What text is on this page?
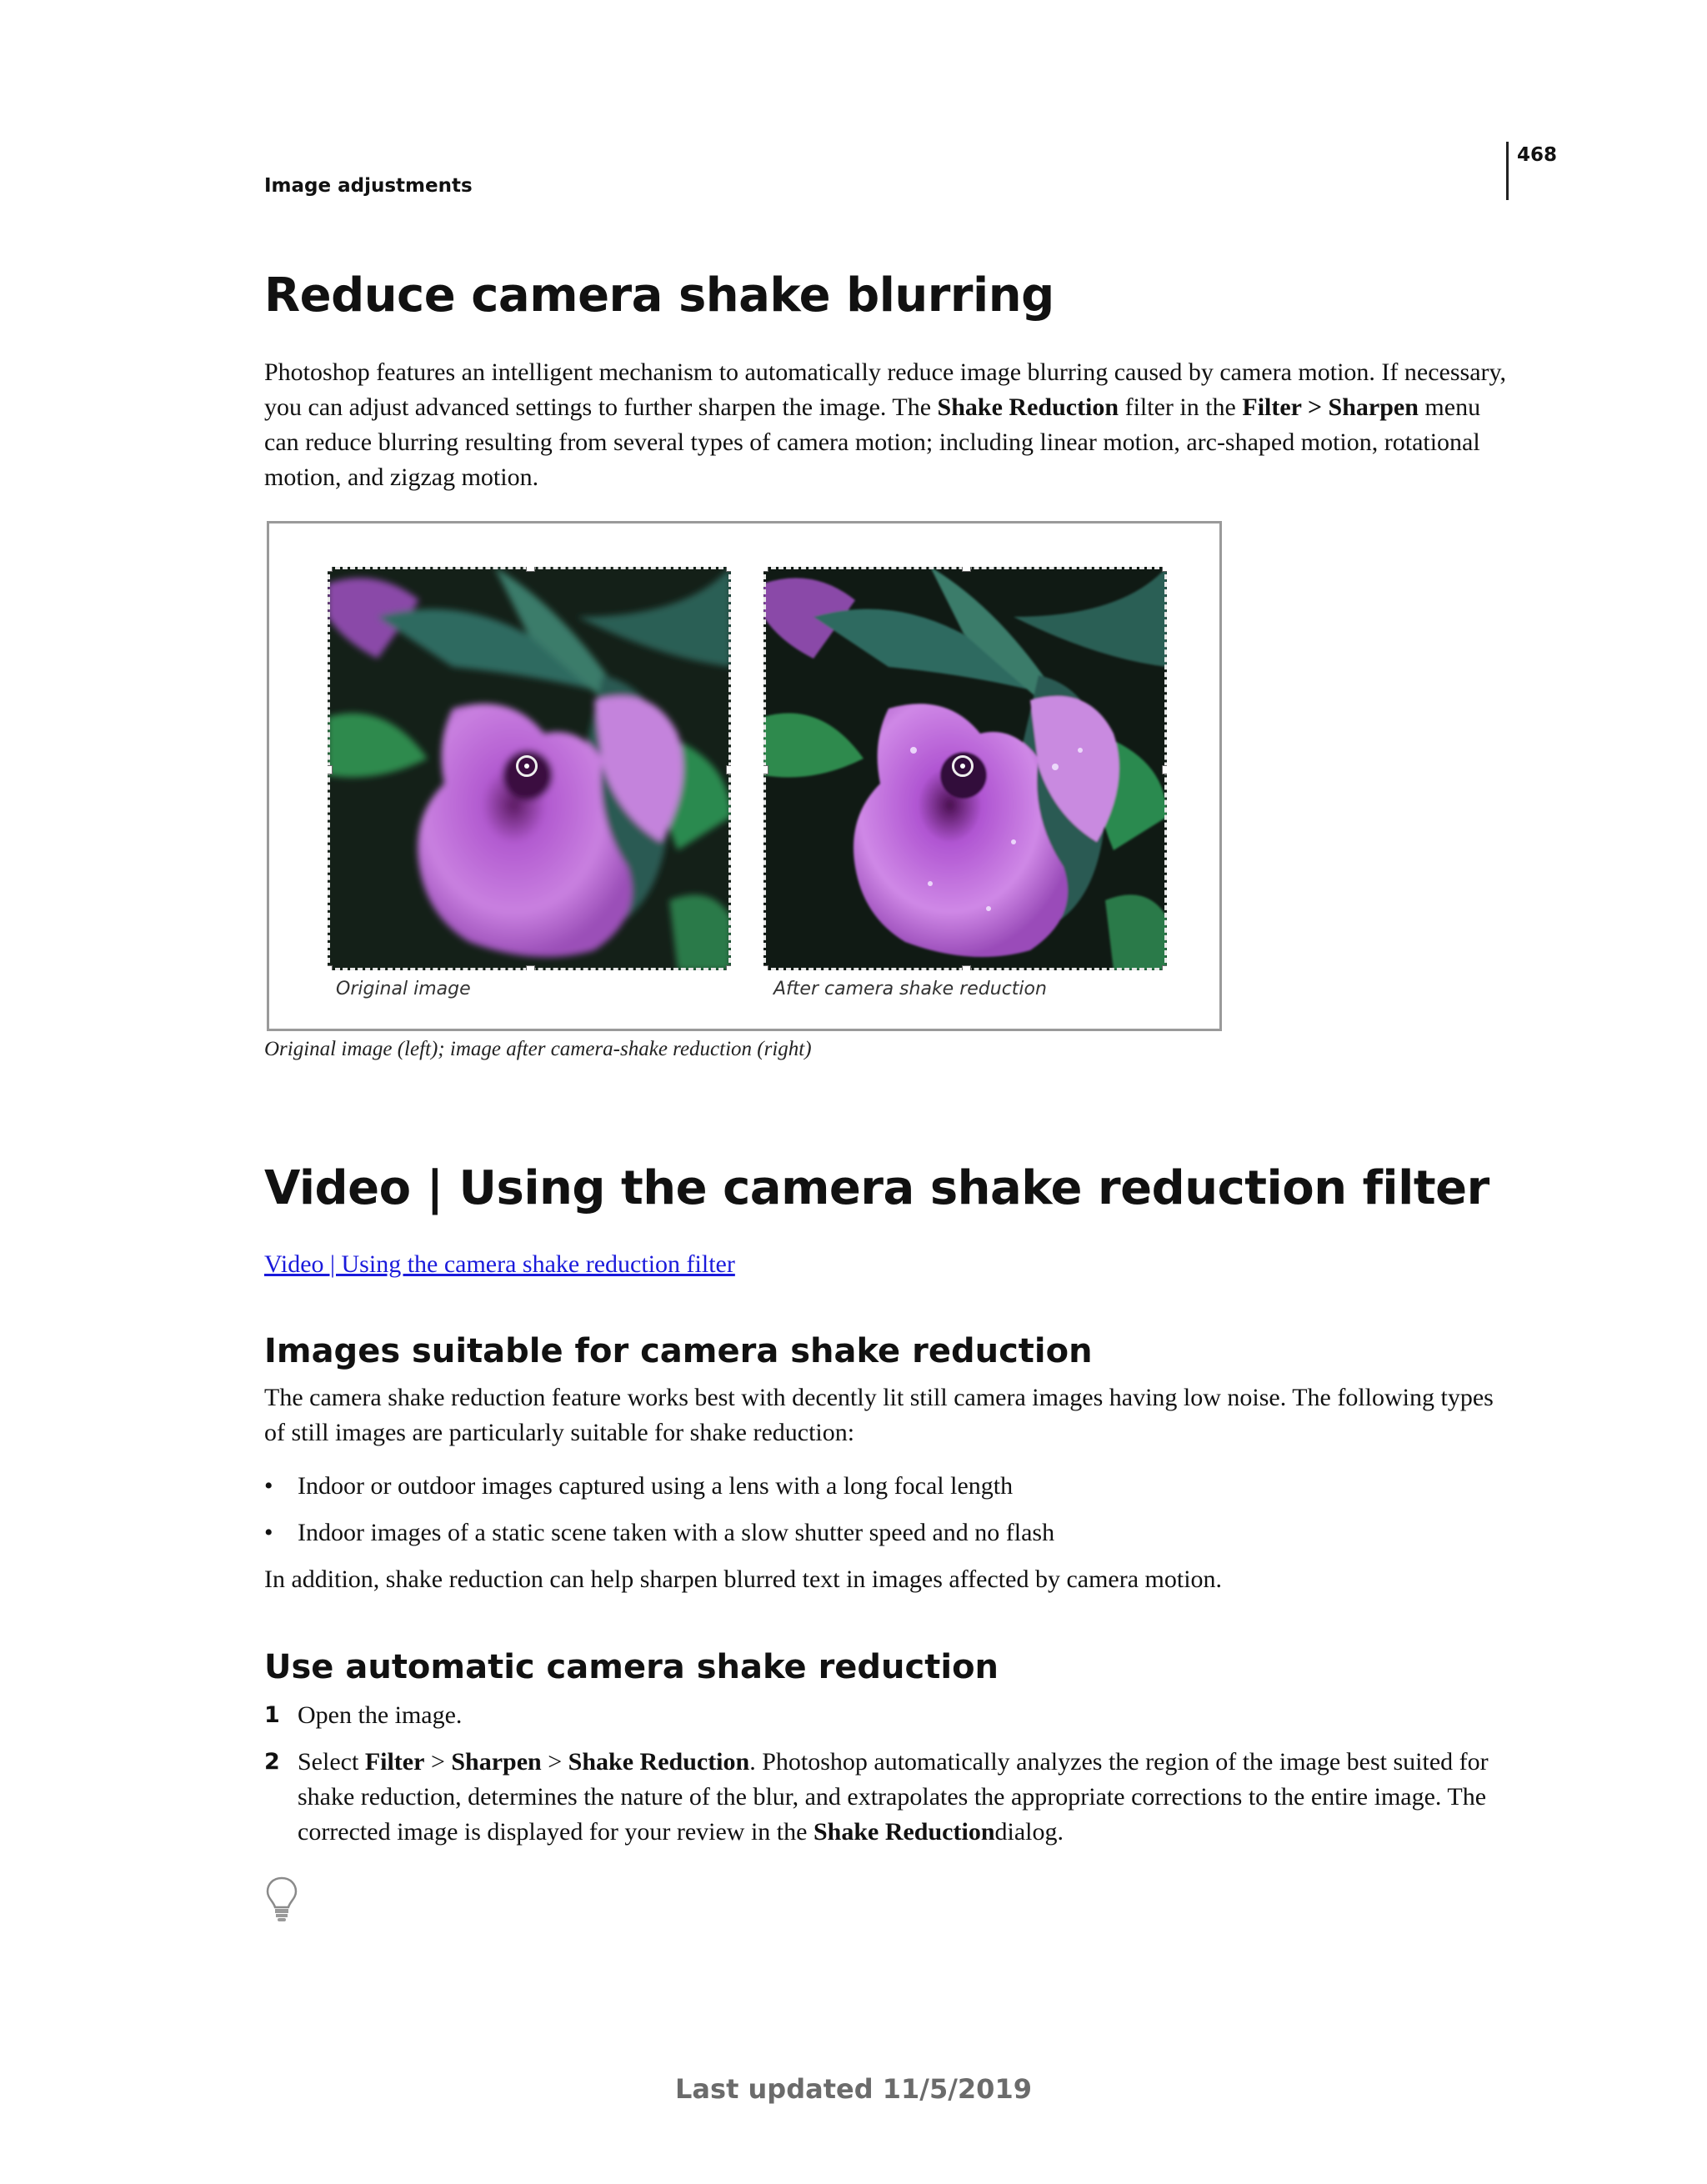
Image adjustments
468
Reduce camera shake blurring
Photoshop features an intelligent mechanism to automatically reduce image blurring caused by camera motion. If necessary, you can adjust advanced settings to further sharpen the image. The Shake Reduction filter in the Filter > Sharpen menu can reduce blurring resulting from several types of camera motion; including linear motion, arc-shaped motion, rotational motion, and zigzag motion.
Original image	After camera shake reduction
Original image (left); image after camera-shake reduction (right)
Video | Using the camera shake reduction filter
Video | Using the camera shake reduction filter
Images suitable for camera shake reduction
The camera shake reduction feature works best with decently lit still camera images having low noise. The following types of still images are particularly suitable for shake reduction:
• Indoor or outdoor images captured using a lens with a long focal length
• Indoor images of a static scene taken with a slow shutter speed and no flash
In addition, shake reduction can help sharpen blurred text in images affected by camera motion.
Use automatic camera shake reduction
1 Open the image.
2 Select Filter > Sharpen > Shake Reduction. Photoshop automatically analyzes the region of the image best suited for shake reduction, determines the nature of the blur, and extrapolates the appropriate corrections to the entire image. The corrected image is displayed for your review in the Shake Reductiondialog.
Last updated 11/5/2019
